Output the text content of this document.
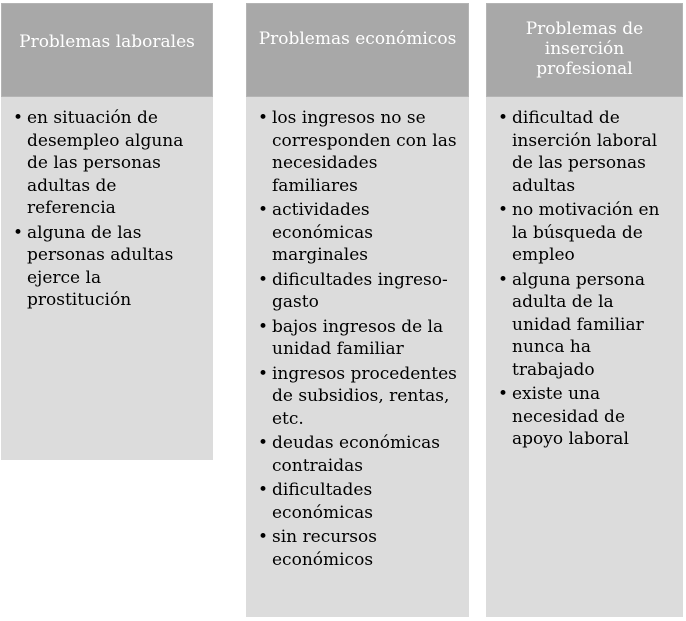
Problemas laborales
• en situación de desempleo alguna de las personas adultas de referencia
• alguna de las personas adultas ejerce la prostitución
Problemas económicos
• los ingresos no se corresponden con las necesidades familiares
• actividades económicas marginales
• dificultades ingreso-gasto
• bajos ingresos de la unidad familiar
• ingresos procedentes de subsidios, rentas, etc.
• deudas económicas contraidas
• dificultades económicas
• sin recursos económicos
Problemas de inserción profesional
• dificultad de inserción laboral de las personas adultas
• no motivación en la búsqueda de empleo
• alguna persona adulta de la unidad familiar nunca ha trabajado
• existe una necesidad de apoyo laboral
